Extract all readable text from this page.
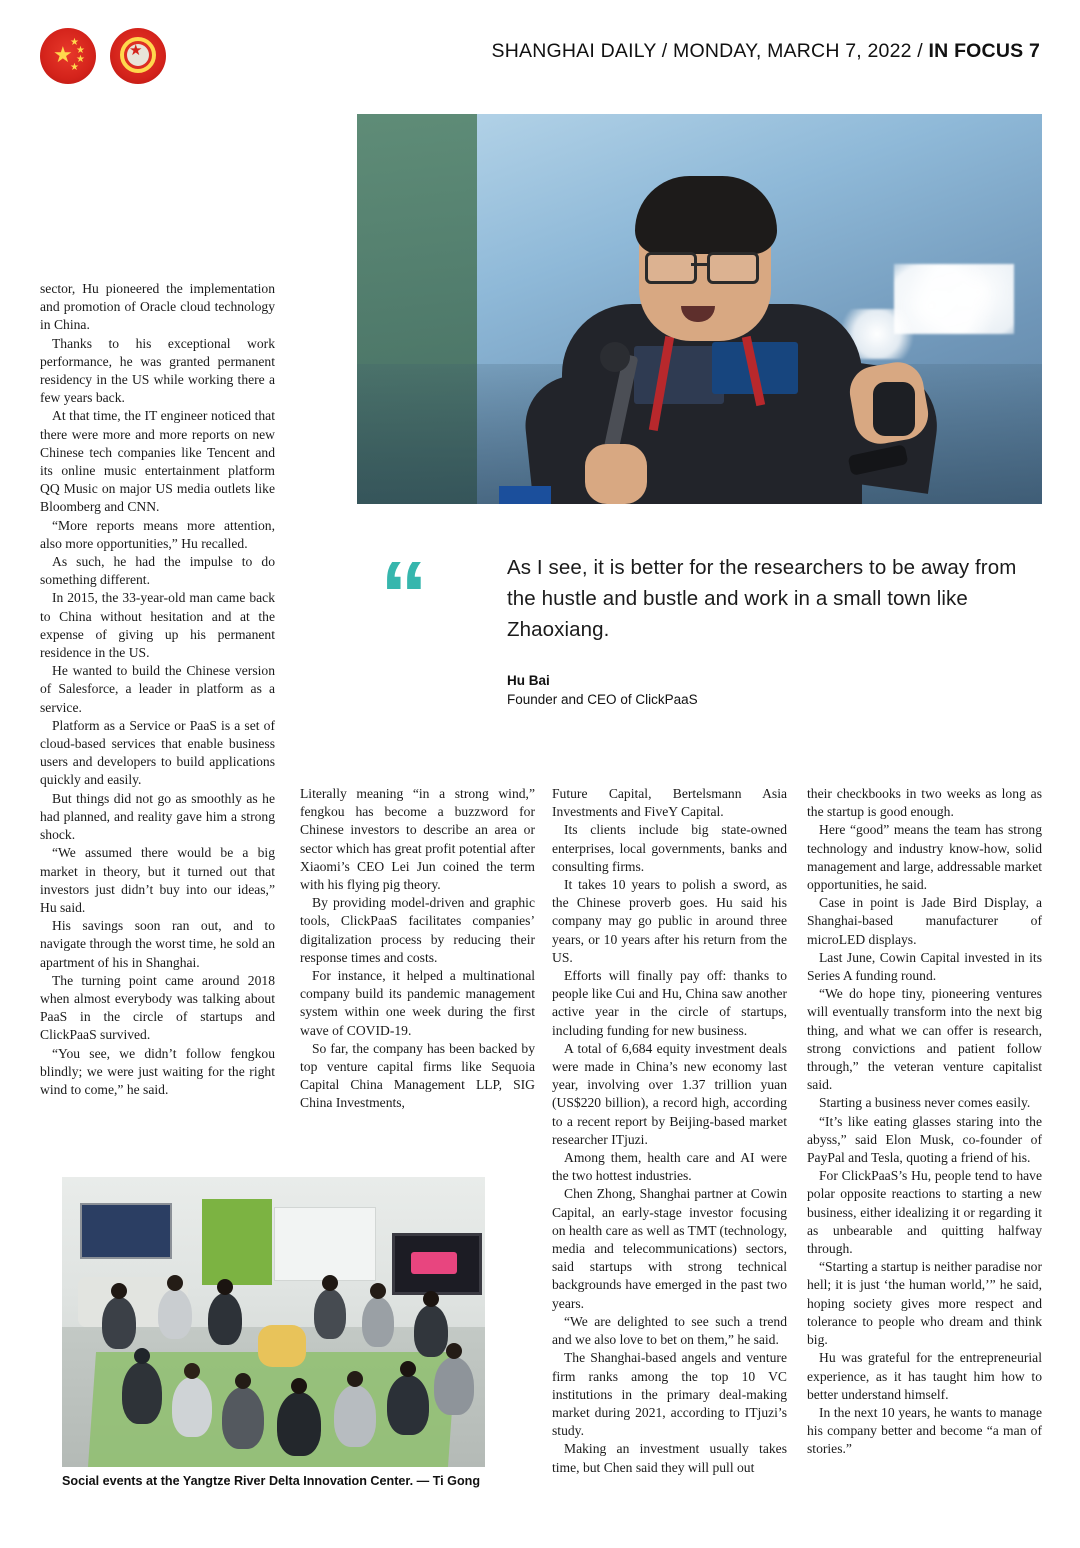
★
★
★
★
★
★	SHANGHAI DAILY / MONDAY, MARCH 7, 2022 / IN FOCUS 7
“	As I see, it is better for the researchers to be away from the hustle and bustle and work in a small town like Zhaoxiang.
Hu Bai
Founder and CEO of ClickPaaS

sector, Hu pioneered the implementation and promotion of Oracle cloud technology in China.

Thanks to his exceptional work performance, he was granted permanent residency in the US while working there a few years back.

At that time, the IT engineer noticed that there were more and more reports on new Chinese tech companies like Tencent and its online music entertainment platform QQ Music on major US media outlets like Bloomberg and CNN.

“More reports means more attention, also more opportunities,” Hu recalled.

As such, he had the impulse to do something different.

In 2015, the 33-year-old man came back to China without hesitation and at the expense of giving up his permanent residence in the US.

He wanted to build the Chinese version of Salesforce, a leader in platform as a service.

Platform as a Service or PaaS is a set of cloud-based services that enable business users and developers to build applications quickly and easily.

But things did not go as smoothly as he had planned, and reality gave him a strong shock.

“We assumed there would be a big market in theory, but it turned out that investors just didn’t buy into our ideas,” Hu said.

His savings soon ran out, and to navigate through the worst time, he sold an apartment of his in Shanghai.

The turning point came around 2018 when almost everybody was talking about PaaS in the circle of startups and ClickPaaS survived.

“You see, we didn’t follow fengkou blindly; we were just waiting for the right wind to come,” he said.

Literally meaning “in a strong wind,” fengkou has become a buzzword for Chinese investors to describe an area or sector which has great profit potential after Xiaomi’s CEO Lei Jun coined the term with his flying pig theory.

By providing model-driven and graphic tools, ClickPaaS facilitates companies’ digitalization process by reducing their response times and costs.

For instance, it helped a multinational company build its pandemic management system within one week during the first wave of COVID-19.

So far, the company has been backed by top venture capital firms like Sequoia Capital China Management LLP, SIG China Investments,

Future Capital, Bertelsmann Asia Investments and FiveY Capital.

Its clients include big state-owned enterprises, local governments, banks and consulting firms.

It takes 10 years to polish a sword, as the Chinese proverb goes. Hu said his company may go public in around three years, or 10 years after his return from the US.

Efforts will finally pay off: thanks to people like Cui and Hu, China saw another active year in the circle of startups, including funding for new business.

A total of 6,684 equity investment deals were made in China’s new economy last year, involving over 1.37 trillion yuan (US$220 billion), a record high, according to a recent report by Beijing-based market researcher ITjuzi.

Among them, health care and AI were the two hottest industries.

Chen Zhong, Shanghai partner at Cowin Capital, an early-stage investor focusing on health care as well as TMT (technology, media and telecommunications) sectors, said startups with strong technical backgrounds have emerged in the past two years.

“We are delighted to see such a trend and we also love to bet on them,” he said.

The Shanghai-based angels and venture firm ranks among the top 10 VC institutions in the primary deal-making market during 2021, according to ITjuzi’s study.

Making an investment usually takes time, but Chen said they will pull out

their checkbooks in two weeks as long as the startup is good enough.

Here “good” means the team has strong technology and industry know-how, solid management and large, addressable market opportunities, he said.

Case in point is Jade Bird Display, a Shanghai-based manufacturer of microLED displays.

Last June, Cowin Capital invested in its Series A funding round.

“We do hope tiny, pioneering ventures will eventually transform into the next big thing, and what we can offer is research, strong convictions and patient follow through,” the veteran venture capitalist said.

Starting a business never comes easily.

“It’s like eating glasses staring into the abyss,” said Elon Musk, co-founder of PayPal and Tesla, quoting a friend of his.

For ClickPaaS’s Hu, people tend to have polar opposite reactions to starting a new business, either idealizing it or regarding it as unbearable and quitting halfway through.

“Starting a startup is neither paradise nor hell; it is just ‘the human world,’” he said, hoping society gives more respect and tolerance to people who dream and think big.

Hu was grateful for the entrepreneurial experience, as it has taught him how to better understand himself.

In the next 10 years, he wants to manage his company better and become “a man of stories.”

Social events at the Yangtze River Delta Innovation Center. — Ti Gong
